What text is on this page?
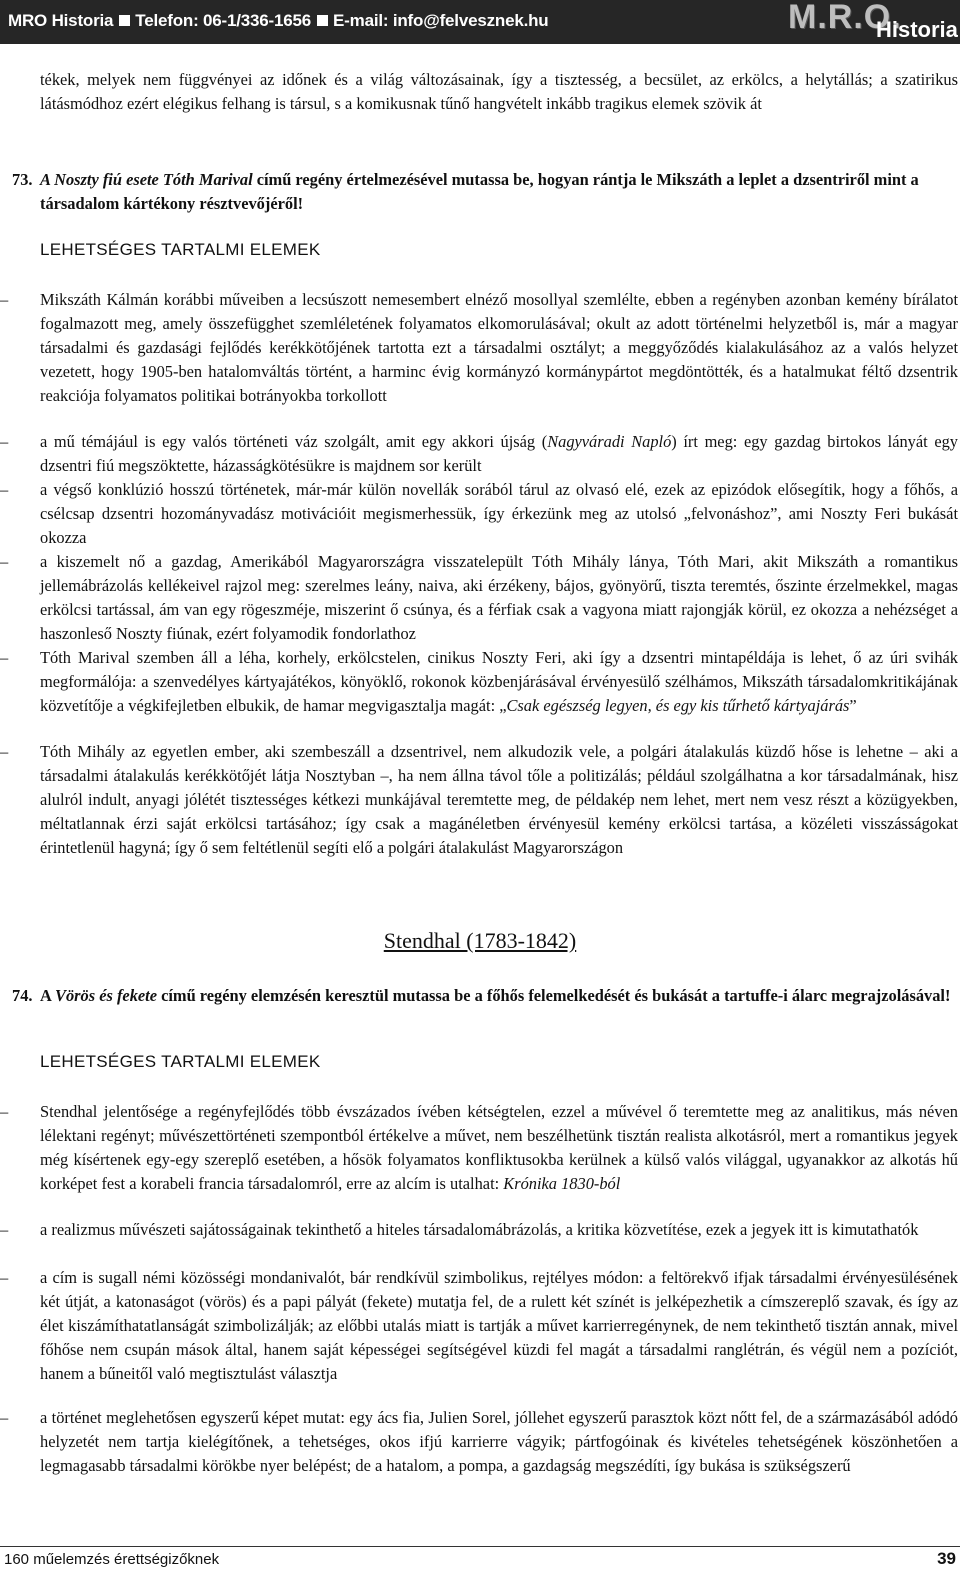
MRO Historia Telefon: 06-1/336-1656 E-mail: info@felvesznek.hu	M.R.O.
Historia
tékek, melyek nem függvényei az időnek és a világ változásainak, így a tisztesség, a becsület, az erkölcs, a helytállás; a szatirikus látásmódhoz ezért elégikus felhang is társul, s a komikusnak tűnő hangvételt inkább tragikus elemek szövik át
73. A Noszty fiú esete Tóth Marival című regény értelmezésével mutassa be, hogyan rántja le Mikszáth a leplet a dzsentriről mint a társadalom kártékony résztvevőjéről!
LEHETSÉGES TARTALMI ELEMEK
– Mikszáth Kálmán korábbi műveiben a lecsúszott nemesembert elnéző mosollyal szemlélte, ebben a regényben azonban kemény bírálatot fogalmazott meg, amely összefügghet szemléletének folyamatos elkomorulásával; okult az adott történelmi helyzetből is, már a magyar társadalmi és gazdasági fejlődés kerékkötőjének tartotta ezt a társadalmi osztályt; a meggyőződés kialakulásához az a valós helyzet vezetett, hogy 1905-ben hatalomváltás történt, a harminc évig kormányzó kormánypártot megdöntötték, és a hatalmukat féltő dzsentrik reakciója folyamatos politikai botrányokba torkollott
– a mű témájául is egy valós történeti váz szolgált, amit egy akkori újság (Nagyváradi Napló) írt meg: egy gazdag birtokos lányát egy dzsentri fiú megszöktette, házasságkötésükre is majdnem sor került
– a végső konklúzió hosszú történetek, már-már külön novellák sorából tárul az olvasó elé, ezek az epizódok elősegítik, hogy a főhős, a csélcsap dzsentri hozományvadász motivációit megismerhessük, így érkezünk meg az utolsó „felvonáshoz”, ami Noszty Feri bukását okozza
– a kiszemelt nő a gazdag, Amerikából Magyarországra visszatelepült Tóth Mihály lánya, Tóth Mari, akit Mikszáth a romantikus jellemábrázolás kellékeivel rajzol meg: szerelmes leány, naiva, aki érzékeny, bájos, gyönyörű, tiszta teremtés, őszinte érzelmekkel, magas erkölcsi tartással, ám van egy rögeszméje, miszerint ő csúnya, és a férfiak csak a vagyona miatt rajongják körül, ez okozza a nehézséget a haszonleső Noszty fiúnak, ezért folyamodik fondorlathoz
– Tóth Marival szemben áll a léha, korhely, erkölcstelen, cinikus Noszty Feri, aki így a dzsentri mintapéldája is lehet, ő az úri svihák megformálója: a szenvedélyes kártyajátékos, könyöklő, rokonok közbenjárásával érvényesülő szélhámos, Mikszáth társadalomkritikájának közvetítője a végkifejletben elbukik, de hamar megvigasztalja magát: „Csak egészség legyen, és egy kis tűrhető kártyajárás”
– Tóth Mihály az egyetlen ember, aki szembeszáll a dzsentrivel, nem alkudozik vele, a polgári átalakulás küzdő hőse is lehetne – aki a társadalmi átalakulás kerékkötőjét látja Nosztyban –, ha nem állna távol tőle a politizálás; például szolgálhatna a kor társadalmának, hisz alulról indult, anyagi jólétét tisztességes kétkezi munkájával teremtette meg, de példakép nem lehet, mert nem vesz részt a közügyekben, méltatlannak érzi saját erkölcsi tartásához; így csak a magánéletben érvényesül kemény erkölcsi tartása, a közéleti visszásságokat érintetlenül hagyná; így ő sem feltétlenül segíti elő a polgári átalakulást Magyarországon
Stendhal (1783-1842)
74. A Vörös és fekete című regény elemzésén keresztül mutassa be a főhős felemelkedését és bukását a tartuffe-i álarc megrajzolásával!
LEHETSÉGES TARTALMI ELEMEK
– Stendhal jelentősége a regényfejlődés több évszázados ívében kétségtelen, ezzel a művével ő teremtette meg az analitikus, más néven lélektani regényt; művészettörténeti szempontból értékelve a művet, nem beszélhetünk tisztán realista alkotásról, mert a romantikus jegyek még kísértenek egy-egy szereplő esetében, a hősök folyamatos konfliktusokba kerülnek a külső valós világgal, ugyanakkor az alkotás hű korképet fest a korabeli francia társadalomról, erre az alcím is utalhat: Krónika 1830-ból
– a realizmus művészeti sajátosságainak tekinthető a hiteles társadalomábrázolás, a kritika közvetítése, ezek a jegyek itt is kimutathatók
– a cím is sugall némi közösségi mondanivalót, bár rendkívül szimbolikus, rejtélyes módon: a feltörekvő ifjak társadalmi érvényesülésének két útját, a katonaságot (vörös) és a papi pályát (fekete) mutatja fel, de a rulett két színét is jelképezhetik a címszereplő szavak, és így az élet kiszámíthatatlanságát szimbolizálják; az előbbi utalás miatt is tartják a művet karrierregénynek, de nem tekinthető tisztán annak, mivel főhőse nem csupán mások által, hanem saját képességei segítségével küzdi fel magát a társadalmi ranglétrán, és végül nem a pozíciót, hanem a bűneitől való megtisztulást választja
– a történet meglehetősen egyszerű képet mutat: egy ács fia, Julien Sorel, jóllehet egyszerű parasztok közt nőtt fel, de a származásából adódó helyzetét nem tartja kielégítőnek, a tehetséges, okos ifjú karrierre vágyik; pártfogóinak és kivételes tehetségének köszönhetően a legmagasabb társadalmi körökbe nyer belépést; de a hatalom, a pompa, a gazdagság megszédíti, így bukása is szükségszerű
160 műelemzés érettségizőknek	39
